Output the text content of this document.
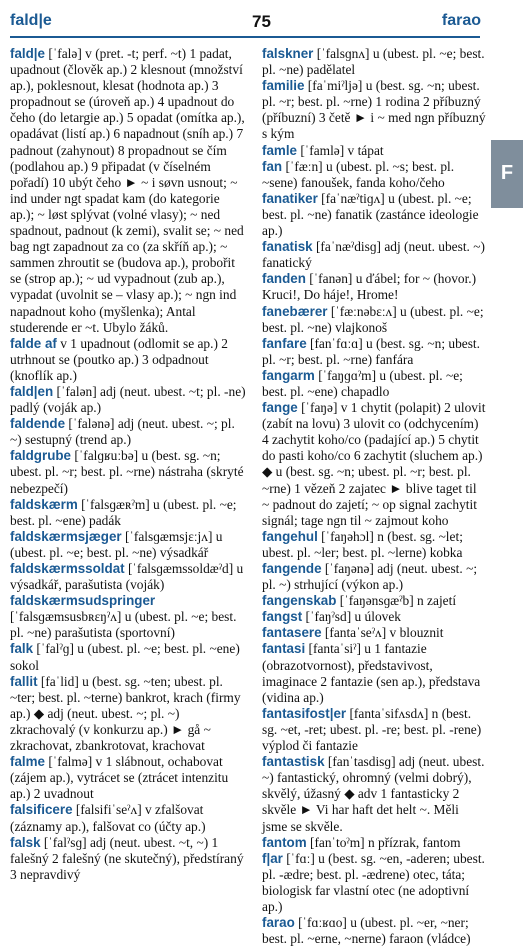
fald|e	75	farao
F
fald|e [ˈfalə] v (pret. -t; perf. ~t) 1 padat, upadnout (člověk ap.) 2 klesnout (množství ap.), poklesnout, klesat (hodnota ap.) 3 propadnout se (úroveň ap.) 4 upadnout do čeho (do letargie ap.) 5 opadat (omítka ap.), opadávat (listí ap.) 6 napadnout (sníh ap.) 7 padnout (zahynout) 8 propadnout se čím (podlahou ap.) 9 připadat (v číselném pořadí) 10 ubýt čeho ► ~ i søvn usnout; ~ ind under ngt spadat kam (do kategorie ap.); ~ løst spl‎ývat (volné vlasy); ~ ned spadnout, padnout (k zemi), svalit se; ~ ned bag ngt zapadnout za co (za skříň ap.); ~ sammen zhroutit se (budova ap.), probořit se (strop ap.); ~ ud vypadnout (zub ap.), vypadat (uvolnit se – vlasy ap.); ~ ngn ind napadnout koho (myšlenka); Antal studerende er ~t. Ubylo žáků.
falde af v 1 upadnout (odlomit se ap.) 2 utrhnout se (poutko ap.) 3 odpadnout (knoflík ap.)
fald|en [ˈfalən] adj (neut. ubest. ~t; pl. -ne) padlý (voják ap.)
faldende [ˈfalənə] adj (neut. ubest. ~; pl. ~) sestupný (trend ap.)
faldgrube [ˈfalɡʁuːbə] u (best. sg. ~n; ubest. pl. ~r; best. pl. ~rne) nástraha (skryté nebezpečí)
faldskærm [ˈfalsɡæʀˀm] u (ubest. pl. ~e; best. pl. ~ene) padák
faldskærmsjæger [ˈfalsɡæmsjɛːjʌ] u (ubest. pl. ~e; best. pl. ~ne) výsadkář
faldskærmssoldat [ˈfalsɡæmssoldæˀd] u výsadkář, parašutista (voják)
faldskærmsudspringer [ˈfalsɡæmsusbʀɛŋˀʌ] u (ubest. pl. ~e; best. pl. ~ne) parašutista (sportovní)
falk [ˈfalˀɡ] u (ubest. pl. ~e; best. pl. ~ene) sokol
fallit [faˈlid] u (best. sg. ~ten; ubest. pl. ~ter; best. pl. ~terne) bankrot, krach (firmy ap.) ◆ adj (neut. ubest. ~; pl. ~) zkrachovalý (v konkurzu ap.) ► gå ~ zkrachovat, zbankrotovat, krachovat
falme [ˈfalmə] v 1 slábnout, ochabovat (zájem ap.), vytrácet se (ztrácet intenzitu ap.) 2 uvadnout
falsificere [falsifiˈseˀʌ] v zfalšovat (záznamy ap.), falšovat co (účty ap.)
falsk [ˈfalˀsɡ] adj (neut. ubest. ~t, ~) 1 falešný 2 falešný (ne skutečný), předstíraný 3 nepravdivý
falskner [ˈfalsɡnʌ] u (ubest. pl. ~e; best. pl. ~ne) padělatel
familie [faˈmiˀljə] u (best. sg. ~n; ubest. pl. ~r; best. pl. ~rne) 1 rodina 2 příbuzný (příbuzní) 3 četě ► i ~ med ngn příbuzný s kým
famle [ˈfamlə] v tápat
fan [ˈfæːn] u (ubest. pl. ~s; best. pl. ~sene) fanoušek, fanda koho/čeho
fanatiker [faˈnæˀtiɡʌ] u (ubest. pl. ~e; best. pl. ~ne) fanatik (zastánce ideologie ap.)
fanatisk [faˈnæˀdisɡ] adj (neut. ubest. ~) fanatický
fanden [ˈfanən] u ďábel; for ~ (hovor.) Kruci!, Do háje!, Hrome!
fanebærer [ˈfæːnəbɛːʌ] u (ubest. pl. ~e; best. pl. ~ne) vlajkonoš
fanfare [fanˈfɑːɑ] u (best. sg. ~n; ubest. pl. ~r; best. pl. ~rne) fanfára
fangarm [ˈfaŋɡɑˀm] u (ubest. pl. ~e; best. pl. ~ene) chapadlo
fange [ˈfaŋə] v 1 chytit (polapit) 2 ulovit (zabít na lovu) 3 ulovit co (odchycením) 4 zachytit koho/co (padající ap.) 5 chytit do pasti koho/co 6 zachytit (sluchem ap.) ◆ u (best. sg. ~n; ubest. pl. ~r; best. pl. ~rne) 1 vězeň 2 zajatec ► blive taget til ~ padnout do zajetí; ~ op signal zachytit signál; tage ngn til ~ zajmout koho
fangehul [ˈfaŋəhɔl] n (best. sg. ~let; ubest. pl. ~ler; best. pl. ~lerne) kobka
fangende [ˈfaŋənə] adj (neut. ubest. ~; pl. ~) strhující (výkon ap.)
fangenskab [ˈfaŋənsɡæˀb] n zajetí
fangst [ˈfaŋˀsd] u úlovek
fantasere [fantaˈseˀʌ] v blouznit
fantasi [fantaˈsiˀ] u 1 fantazie (obrazotvornost), představivost, imaginace 2 fantazie (sen ap.), představa (vidina ap.)
fantasifost|er [fantaˈsifʌsdʌ] n (best. sg. ~et, -ret; ubest. pl. -re; best. pl. -rene) výplod či fantazie
fantastisk [fanˈtasdisɡ] adj (neut. ubest. ~) fantastický, ohromný (velmi dobrý), skvělý, úžasný ◆ adv 1 fantasticky 2 skvěle ► Vi har haft det helt ~. Měli jsme se skvěle.
fantom [fanˈtoˀm] n přízrak, fantom
f|ar [ˈfɑː] u (best. sg. ~en, -aderen; ubest. pl. -ædre; best. pl. -ædrene) otec, táta; biologisk far vlastní otec (ne adoptivní ap.)
farao [ˈfɑːʁɑo] u (ubest. pl. ~er, ~ner; best. pl. ~erne, ~nerne) faraon (vládce)
